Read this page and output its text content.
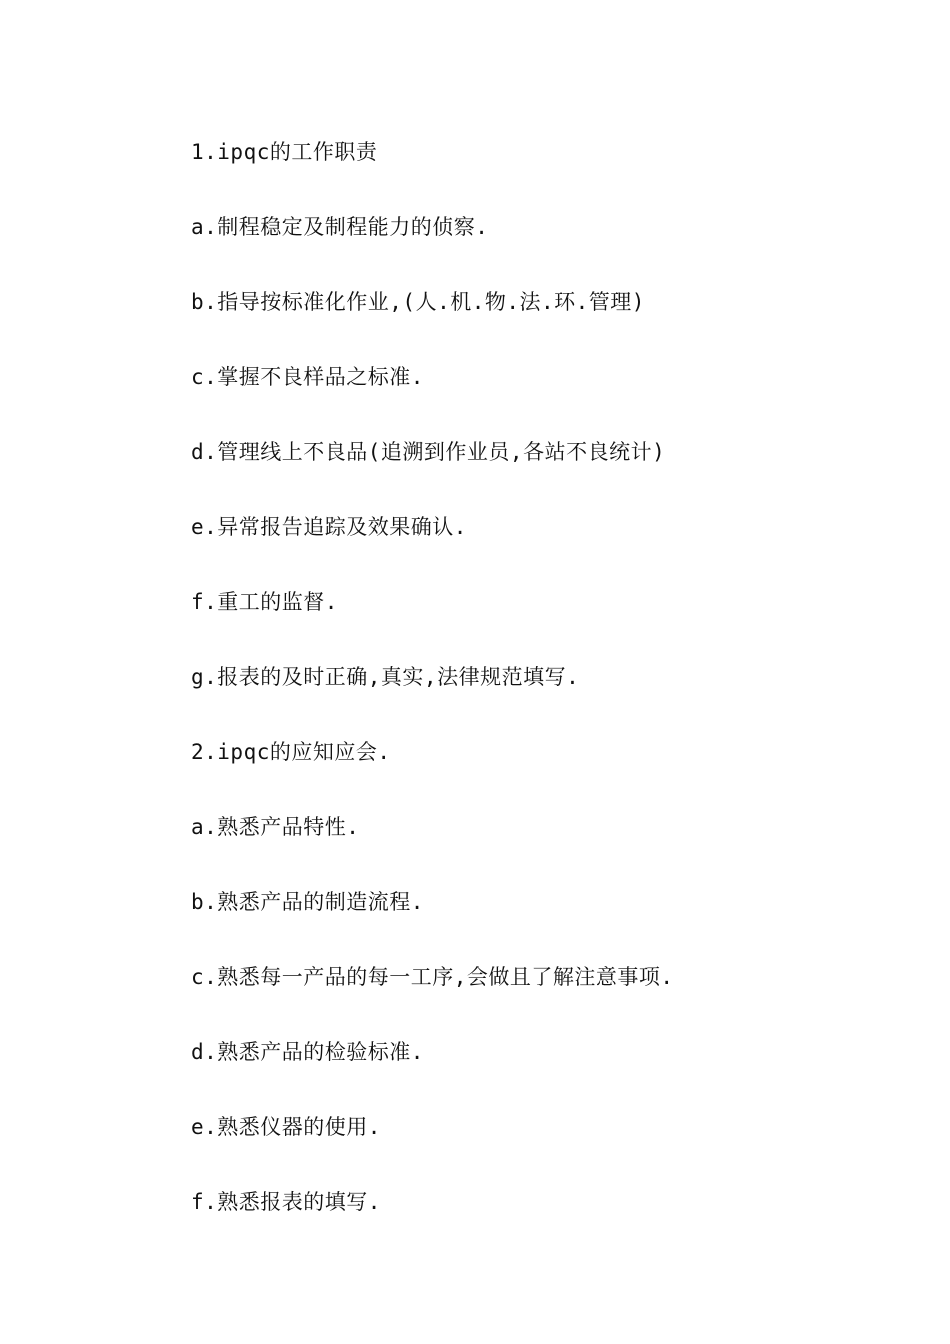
1.ipqc的工作职责
a.制程稳定及制程能力的侦察.
b.指导按标准化作业,(人.机.物.法.环.管理)
c.掌握不良样品之标准.
d.管理线上不良品(追溯到作业员,各站不良统计)
e.异常报告追踪及效果确认.
f.重工的监督.
g.报表的及时正确,真实,法律规范填写.
2.ipqc的应知应会.
a.熟悉产品特性.
b.熟悉产品的制造流程.
c.熟悉每一产品的每一工序,会做且了解注意事项.
d.熟悉产品的检验标准.
e.熟悉仪器的使用.
f.熟悉报表的填写.
